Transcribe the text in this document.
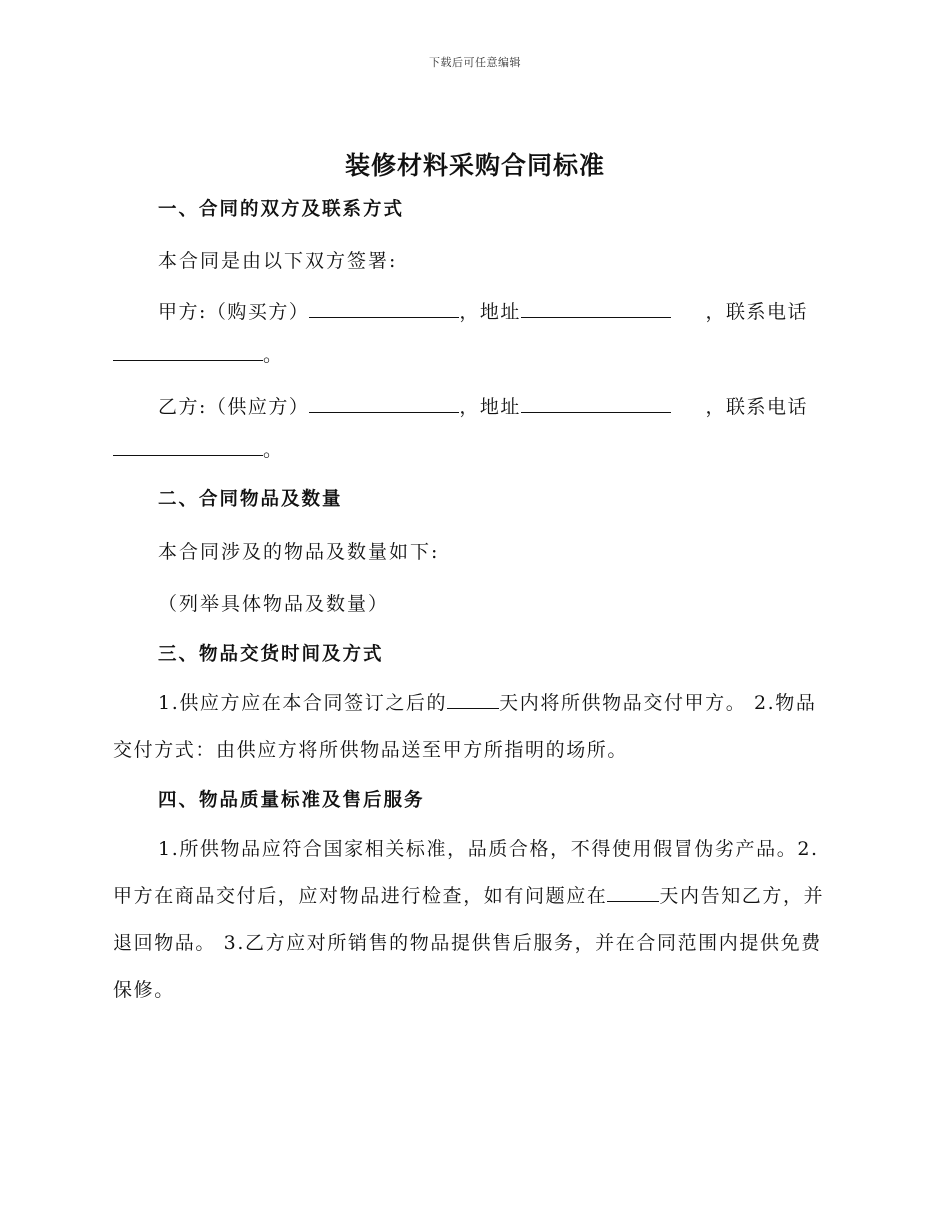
下载后可任意编辑
装修材料采购合同标准
一、合同的双方及联系方式
本合同是由以下双方签署:
甲方:（购买方）	，地址	，联系电话
。
乙方:（供应方）	，地址	，联系电话
。
二、合同物品及数量
本合同涉及的物品及数量如下:
（列举具体物品及数量）
三、物品交货时间及方式
1.供应方应在本合同签订之后的	天内将所供物品交付甲方。 2.物品交付方式：由供应方将所供物品送至甲方所指明的场所。
四、物品质量标准及售后服务
1.所供物品应符合国家相关标准，品质合格，不得使用假冒伪劣产品。2.甲方在商品交付后，应对物品进行检查，如有问题应在	天内告知乙方，并退回物品。 3.乙方应对所销售的物品提供售后服务，并在合同范围内提供免费保修。
